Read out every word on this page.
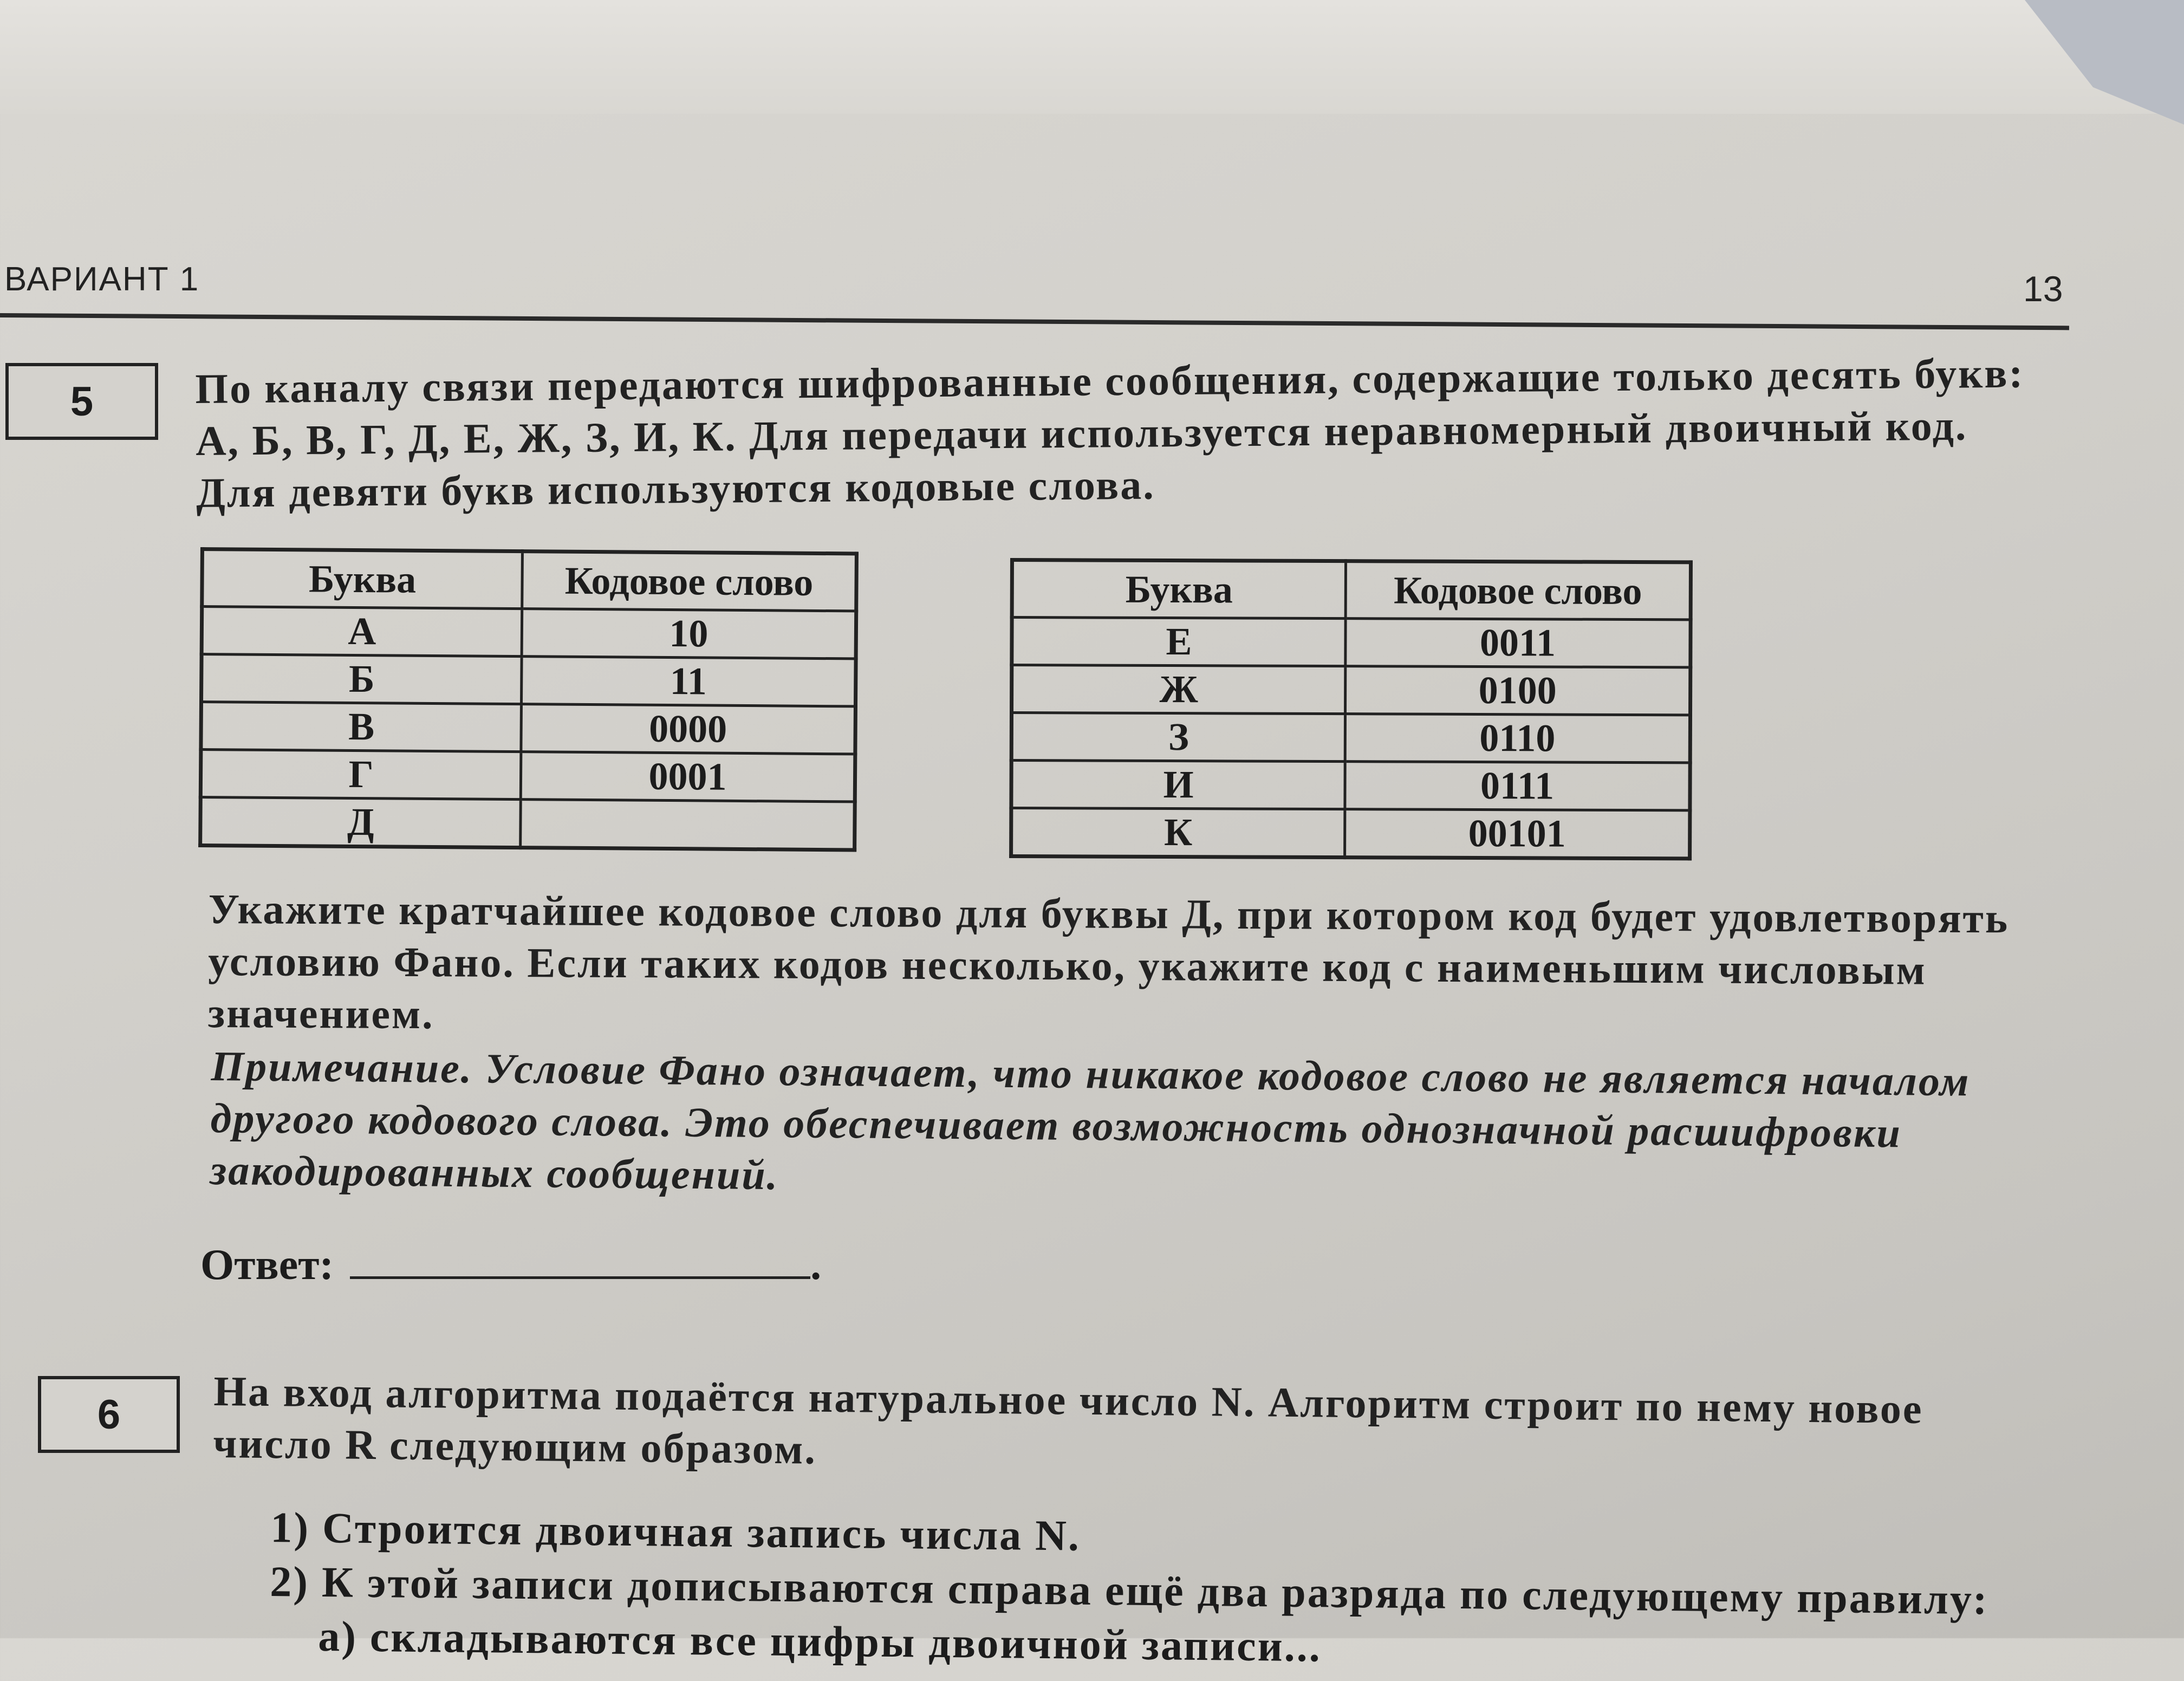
ВАРИАНТ 1	13
5	По каналу связи передаются шифрованные сообщения, содержащие только десять букв:
А, Б, В, Г, Д, Е, Ж, З, И, К. Для передачи используется неравномерный двоичный код.
Для девяти букв используются кодовые слова.
Буква	Кодовое слово
А	10
Б	11
В	0000
Г	0001
Д	
Буква	Кодовое слово
Е	0011
Ж	0100
З	0110
И	0111
К	00101
Укажите кратчайшее кодовое слово для буквы Д, при котором код будет удовлетворять
условию Фано. Если таких кодов несколько, укажите код с наименьшим числовым
значением.
Примечание. Условие Фано означает, что никакое кодовое слово не является началом
другого кодового слова. Это обеспечивает возможность однозначной расшифровки
закодированных сообщений.
Ответ:	.
6	На вход алгоритма подаётся натуральное число N. Алгоритм строит по нему новое
число R следующим образом.
1) Строится двоичная запись числа N.
2) К этой записи дописываются справа ещё два разряда по следующему правилу:
а) складываются все цифры двоичной записи...
